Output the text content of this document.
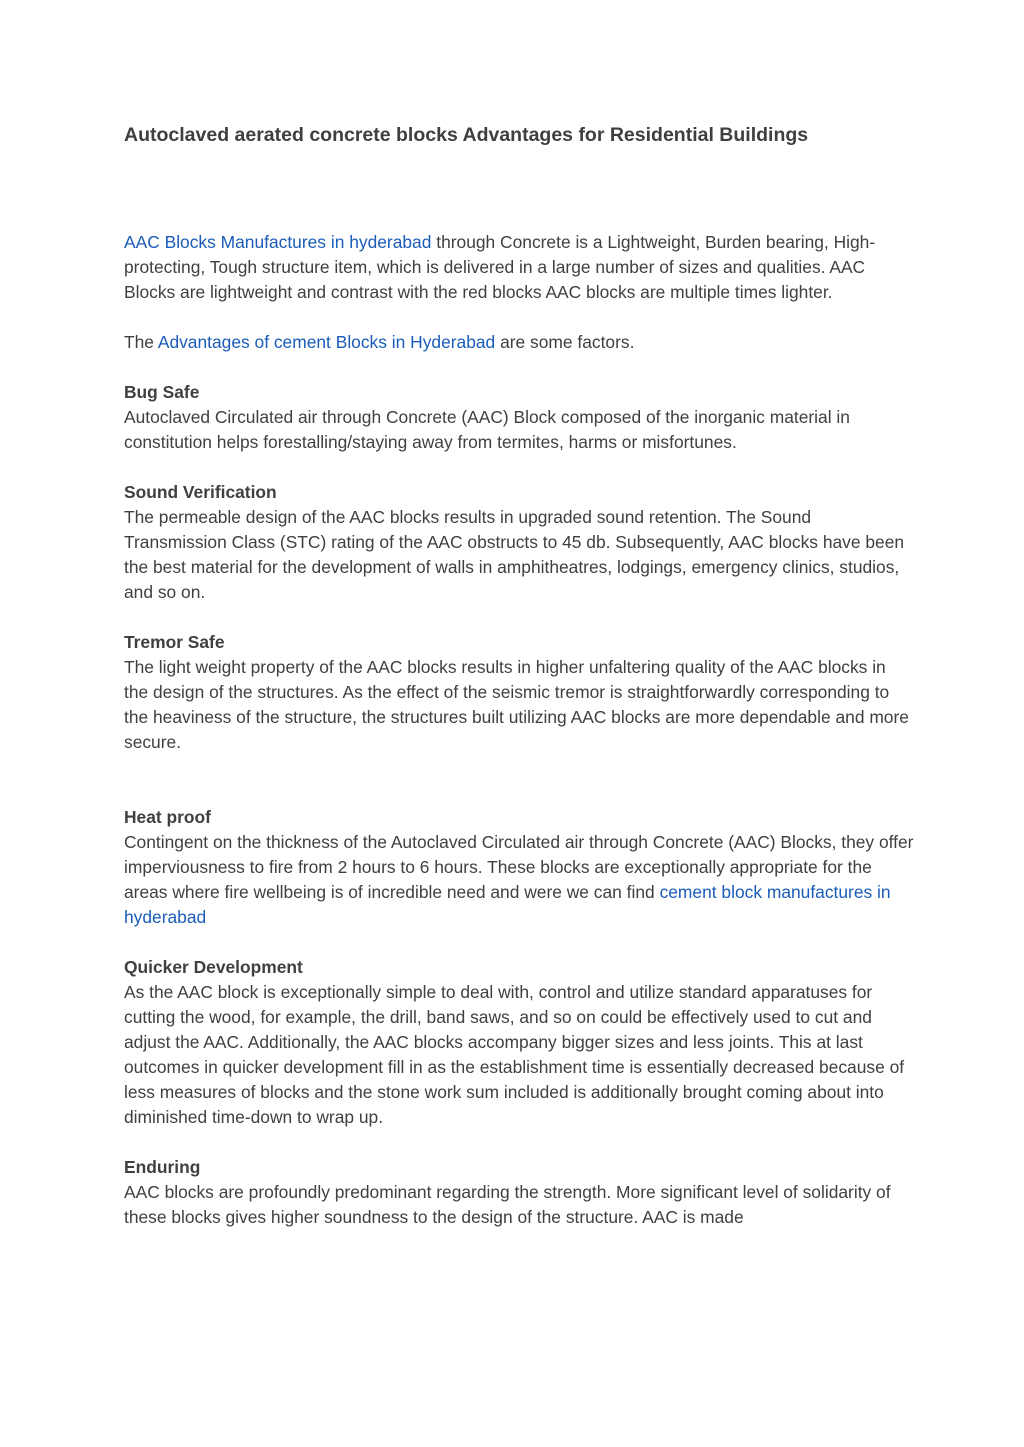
Autoclaved aerated concrete blocks Advantages for Residential Buildings

AAC Blocks Manufactures in hyderabad through Concrete is a Lightweight, Burden bearing, High-protecting, Tough structure item, which is delivered in a large number of sizes and qualities. AAC Blocks are lightweight and contrast with the red blocks AAC blocks are multiple times lighter.

The Advantages of cement Blocks in Hyderabad are some factors.

Bug Safe
Autoclaved Circulated air through Concrete (AAC) Block composed of the inorganic material in constitution helps forestalling/staying away from termites, harms or misfortunes.

Sound Verification
The permeable design of the AAC blocks results in upgraded sound retention. The Sound Transmission Class (STC) rating of the AAC obstructs to 45 db. Subsequently, AAC blocks have been the best material for the development of walls in amphitheatres, lodgings, emergency clinics, studios, and so on.

Tremor Safe
The light weight property of the AAC blocks results in higher unfaltering quality of the AAC blocks in the design of the structures. As the effect of the seismic tremor is straightforwardly corresponding to the heaviness of the structure, the structures built utilizing AAC blocks are more dependable and more secure.

Heat proof
Contingent on the thickness of the Autoclaved Circulated air through Concrete (AAC) Blocks, they offer imperviousness to fire from 2 hours to 6 hours. These blocks are exceptionally appropriate for the areas where fire wellbeing is of incredible need and were we can find cement block manufactures in hyderabad

Quicker Development
As the AAC block is exceptionally simple to deal with, control and utilize standard apparatuses for cutting the wood, for example, the drill, band saws, and so on could be effectively used to cut and adjust the AAC. Additionally, the AAC blocks accompany bigger sizes and less joints. This at last outcomes in quicker development fill in as the establishment time is essentially decreased because of less measures of blocks and the stone work sum included is additionally brought coming about into diminished time-down to wrap up.

Enduring
AAC blocks are profoundly predominant regarding the strength. More significant level of solidarity of these blocks gives higher soundness to the design of the structure. AAC is made
